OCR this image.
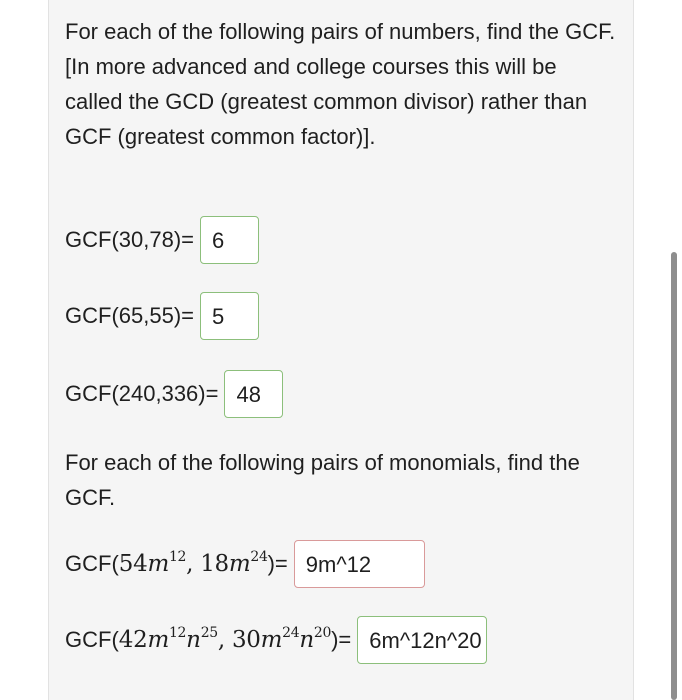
For each of the following pairs of numbers, find the GCF. [In more advanced and college courses this will be called the GCD (greatest common divisor) rather than GCF (greatest common factor)].

GCF(30,78)= 6
GCF(65,55)= 5
GCF(240,336)= 48

For each of the following pairs of monomials, find the GCF.

$GCF(54m^{12}$, $18m^{24})=$ 9m^12
$GCF(42m^{12}n^{25}$, $30m^{24}n^{20})=$ 6m^12n^20
